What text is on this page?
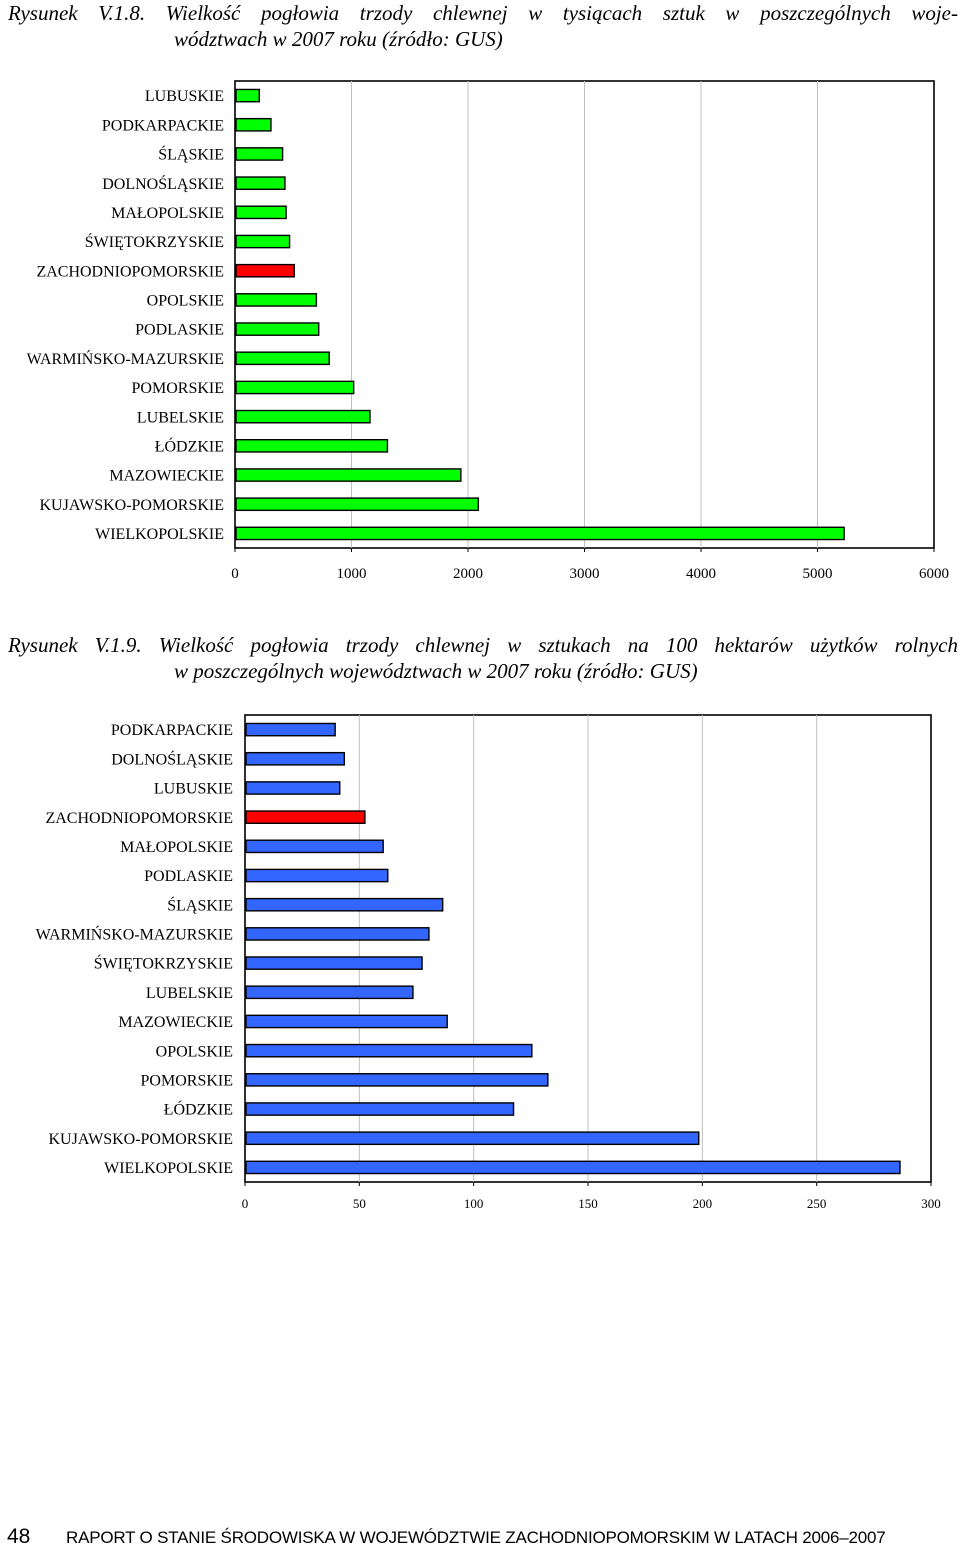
Rysunek V.1.8. Wielkość pogłowia trzody chlewnej w tysiącach sztuk w poszczególnych woje-
wództwach w 2007 roku (źródło: GUS)
0	1000	2000	3000	4000	5000	6000
LUBUSKIE
PODKARPACKIE
ŚLĄSKIE
DOLNOŚLĄSKIE
MAŁOPOLSKIE
ŚWIĘTOKRZYSKIE
ZACHODNIOPOMORSKIE
OPOLSKIE
PODLASKIE
WARMIŃSKO-MAZURSKIE
POMORSKIE
LUBELSKIE
ŁÓDZKIE
MAZOWIECKIE
KUJAWSKO-POMORSKIE
WIELKOPOLSKIE
Rysunek V.1.9. Wielkość pogłowia trzody chlewnej w sztukach na 100 hektarów użytków rolnych
w poszczególnych województwach w 2007 roku (źródło: GUS)
0	50	100	150	200	250	300
PODKARPACKIE
DOLNOŚLĄSKIE
LUBUSKIE
ZACHODNIOPOMORSKIE
MAŁOPOLSKIE
PODLASKIE
ŚLĄSKIE
WARMIŃSKO-MAZURSKIE
ŚWIĘTOKRZYSKIE
LUBELSKIE
MAZOWIECKIE
OPOLSKIE
POMORSKIE
ŁÓDZKIE
KUJAWSKO-POMORSKIE
WIELKOPOLSKIE
48 RAPORT O STANIE ŚRODOWISKA W WOJEWÓDZTWIE ZACHODNIOPOMORSKIM W LATACH 2006–2007
